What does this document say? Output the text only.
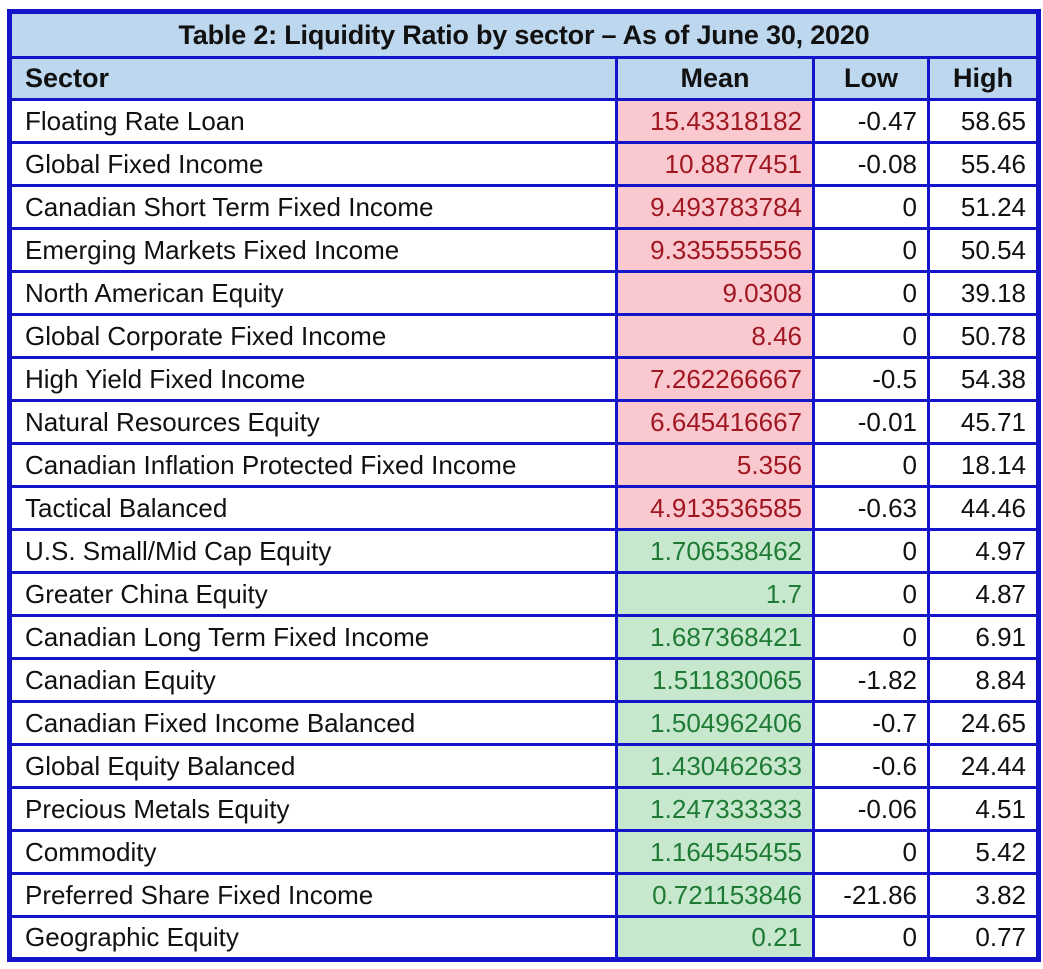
Table 2: Liquidity Ratio by sector – As of June 30, 2020			
Sector	Mean	Low	High
Floating Rate Loan	15.43318182	-0.47	58.65
Global Fixed Income	10.8877451	-0.08	55.46
Canadian Short Term Fixed Income	9.493783784	0	51.24
Emerging Markets Fixed Income	9.335555556	0	50.54
North American Equity	9.0308	0	39.18
Global Corporate Fixed Income	8.46	0	50.78
High Yield Fixed Income	7.262266667	-0.5	54.38
Natural Resources Equity	6.645416667	-0.01	45.71
Canadian Inflation Protected Fixed Income	5.356	0	18.14
Tactical Balanced	4.913536585	-0.63	44.46
U.S. Small/Mid Cap Equity	1.706538462	0	4.97
Greater China Equity	1.7	0	4.87
Canadian Long Term Fixed Income	1.687368421	0	6.91
Canadian Equity	1.511830065	-1.82	8.84
Canadian Fixed Income Balanced	1.504962406	-0.7	24.65
Global Equity Balanced	1.430462633	-0.6	24.44
Precious Metals Equity	1.247333333	-0.06	4.51
Commodity	1.164545455	0	5.42
Preferred Share Fixed Income	0.721153846	-21.86	3.82
Geographic Equity	0.21	0	0.77
